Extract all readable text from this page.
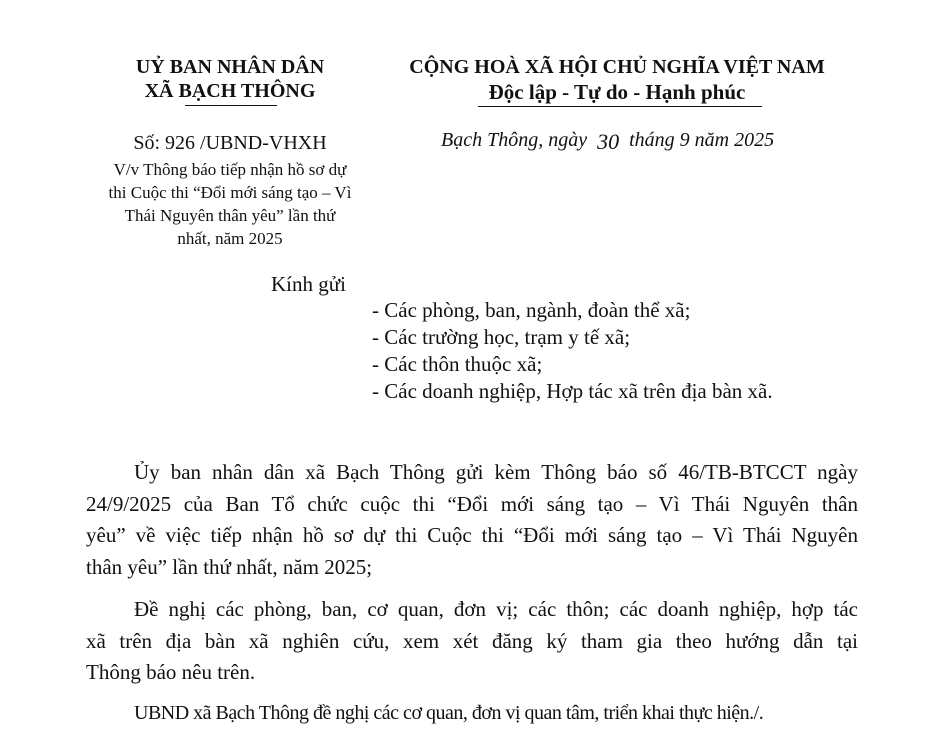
UỶ BAN NHÂN DÂN
XÃ BẠCH THÔNG
Số: 926 /UBND-VHXH
V/v Thông báo tiếp nhận hồ sơ dự
thi Cuộc thi “Đổi mới sáng tạo – Vì
Thái Nguyên thân yêu” lần thứ
nhất, năm 2025
CỘNG HOÀ XÃ HỘI CHỦ NGHĨA VIỆT NAM
Độc lập - Tự do - Hạnh phúc
Bạch Thông, ngày 30 tháng 9 năm 2025
Kính gửi
- Các phòng, ban, ngành, đoàn thể xã;
- Các trường học, trạm y tế xã;
- Các thôn thuộc xã;
- Các doanh nghiệp, Hợp tác xã trên địa bàn xã.
Ủy ban nhân dân xã Bạch Thông gửi kèm Thông báo số 46/TB-BTCCT ngày
24/9/2025 của Ban Tổ chức cuộc thi “Đổi mới sáng tạo – Vì Thái Nguyên thân
yêu” về việc tiếp nhận hồ sơ dự thi Cuộc thi “Đổi mới sáng tạo – Vì Thái Nguyên
thân yêu” lần thứ nhất, năm 2025;
Đề nghị các phòng, ban, cơ quan, đơn vị; các thôn; các doanh nghiệp, hợp tác
xã trên địa bàn xã nghiên cứu, xem xét đăng ký tham gia theo hướng dẫn tại
Thông báo nêu trên.
UBND xã Bạch Thông đề nghị các cơ quan, đơn vị quan tâm, triển khai thực hiện./.
